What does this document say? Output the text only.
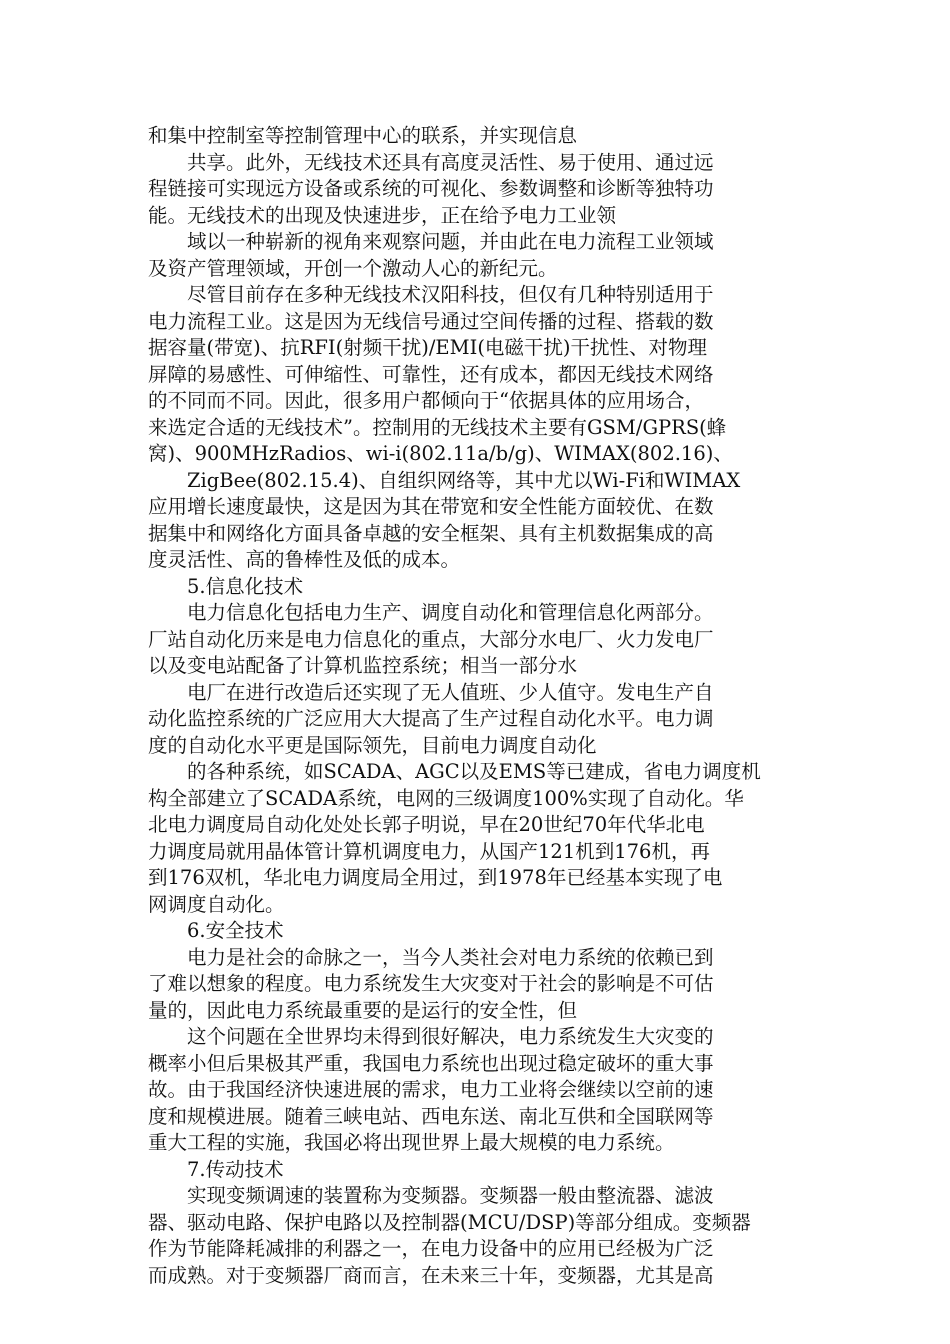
和集中控制室等控制管理中心的联系，并实现信息
共享。此外，无线技术还具有高度灵活性、易于使用、通过远
程链接可实现远方设备或系统的可视化、参数调整和诊断等独特功
能。无线技术的出现及快速进步，正在给予电力工业领
域以一种崭新的视角来观察问题，并由此在电力流程工业领域
及资产管理领域，开创一个激动人心的新纪元。
尽管目前存在多种无线技术汉阳科技，但仅有几种特别适用于
电力流程工业。这是因为无线信号通过空间传播的过程、搭载的数
据容量(带宽)、抗RFI(射频干扰)/EMI(电磁干扰)干扰性、对物理
屏障的易感性、可伸缩性、可靠性，还有成本，都因无线技术网络
的不同而不同。因此，很多用户都倾向于“依据具体的应用场合，
来选定合适的无线技术”。控制用的无线技术主要有GSM/GPRS(蜂
窝)、900MHzRadios、wi-i(802.11a/b/g)、WIMAX(802.16)、
ZigBee(802.15.4)、自组织网络等，其中尤以Wi-Fi和WIMAX
应用增长速度最快，这是因为其在带宽和安全性能方面较优、在数
据集中和网络化方面具备卓越的安全框架、具有主机数据集成的高
度灵活性、高的鲁棒性及低的成本。
5.信息化技术
电力信息化包括电力生产、调度自动化和管理信息化两部分。
厂站自动化历来是电力信息化的重点，大部分水电厂、火力发电厂
以及变电站配备了计算机监控系统；相当一部分水
电厂在进行改造后还实现了无人值班、少人值守。发电生产自
动化监控系统的广泛应用大大提高了生产过程自动化水平。电力调
度的自动化水平更是国际领先，目前电力调度自动化
的各种系统，如SCADA、AGC以及EMS等已建成，省电力调度机
构全部建立了SCADA系统，电网的三级调度100%实现了自动化。华
北电力调度局自动化处处长郭子明说，早在20世纪70年代华北电
力调度局就用晶体管计算机调度电力，从国产121机到176机，再
到176双机，华北电力调度局全用过，到1978年已经基本实现了电
网调度自动化。
6.安全技术
电力是社会的命脉之一，当今人类社会对电力系统的依赖已到
了难以想象的程度。电力系统发生大灾变对于社会的影响是不可估
量的，因此电力系统最重要的是运行的安全性，但
这个问题在全世界均未得到很好解决，电力系统发生大灾变的
概率小但后果极其严重，我国电力系统也出现过稳定破坏的重大事
故。由于我国经济快速进展的需求，电力工业将会继续以空前的速
度和规模进展。随着三峡电站、西电东送、南北互供和全国联网等
重大工程的实施，我国必将出现世界上最大规模的电力系统。
7.传动技术
实现变频调速的装置称为变频器。变频器一般由整流器、滤波
器、驱动电路、保护电路以及控制器(MCU/DSP)等部分组成。变频器
作为节能降耗减排的利器之一，在电力设备中的应用已经极为广泛
而成熟。对于变频器厂商而言，在未来三十年，变频器，尤其是高
